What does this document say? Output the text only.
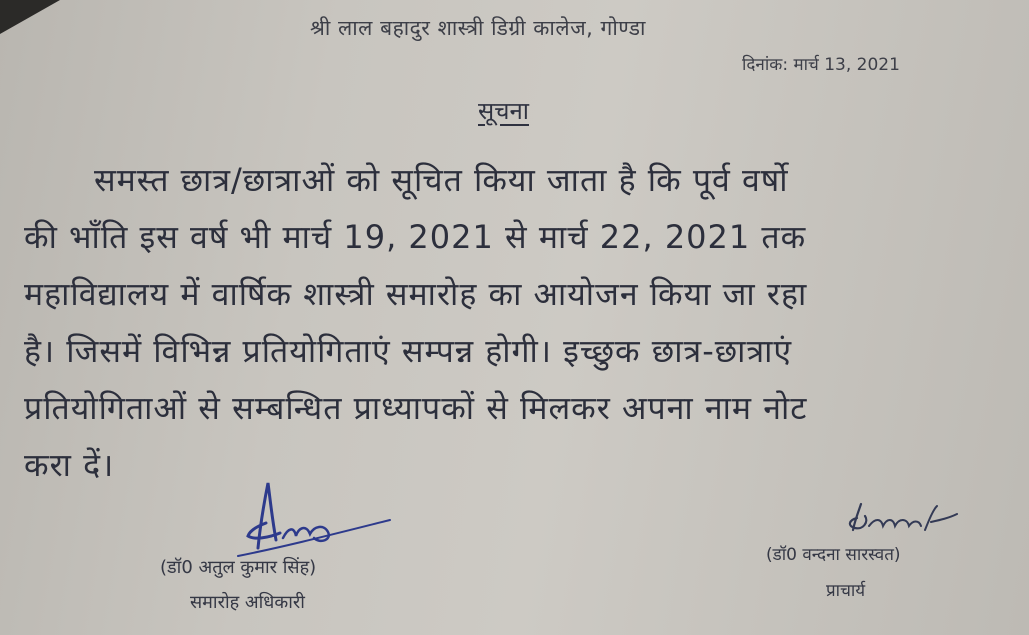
श्री लाल बहादुर शास्त्री डिग्री कालेज, गोण्डा
दिनांक: मार्च 13, 2021
सूचना
समस्त छात्र/छात्राओं को सूचित किया जाता है कि पूर्व वर्षो
की भाँति इस वर्ष भी मार्च 19, 2021 से मार्च 22, 2021 तक
महाविद्यालय में वार्षिक शास्त्री समारोह का आयोजन किया जा रहा
है। जिसमें विभिन्न प्रतियोगिताएं सम्पन्न होगी। इच्छुक छात्र-छात्राएं
प्रतियोगिताओं से सम्बन्धित प्राध्यापकों से मिलकर अपना नाम नोट
करा दें।
(डॉ0 अतुल कुमार सिंह)
समारोह अधिकारी
(डॉ0 वन्दना सारस्वत)
प्राचार्य
